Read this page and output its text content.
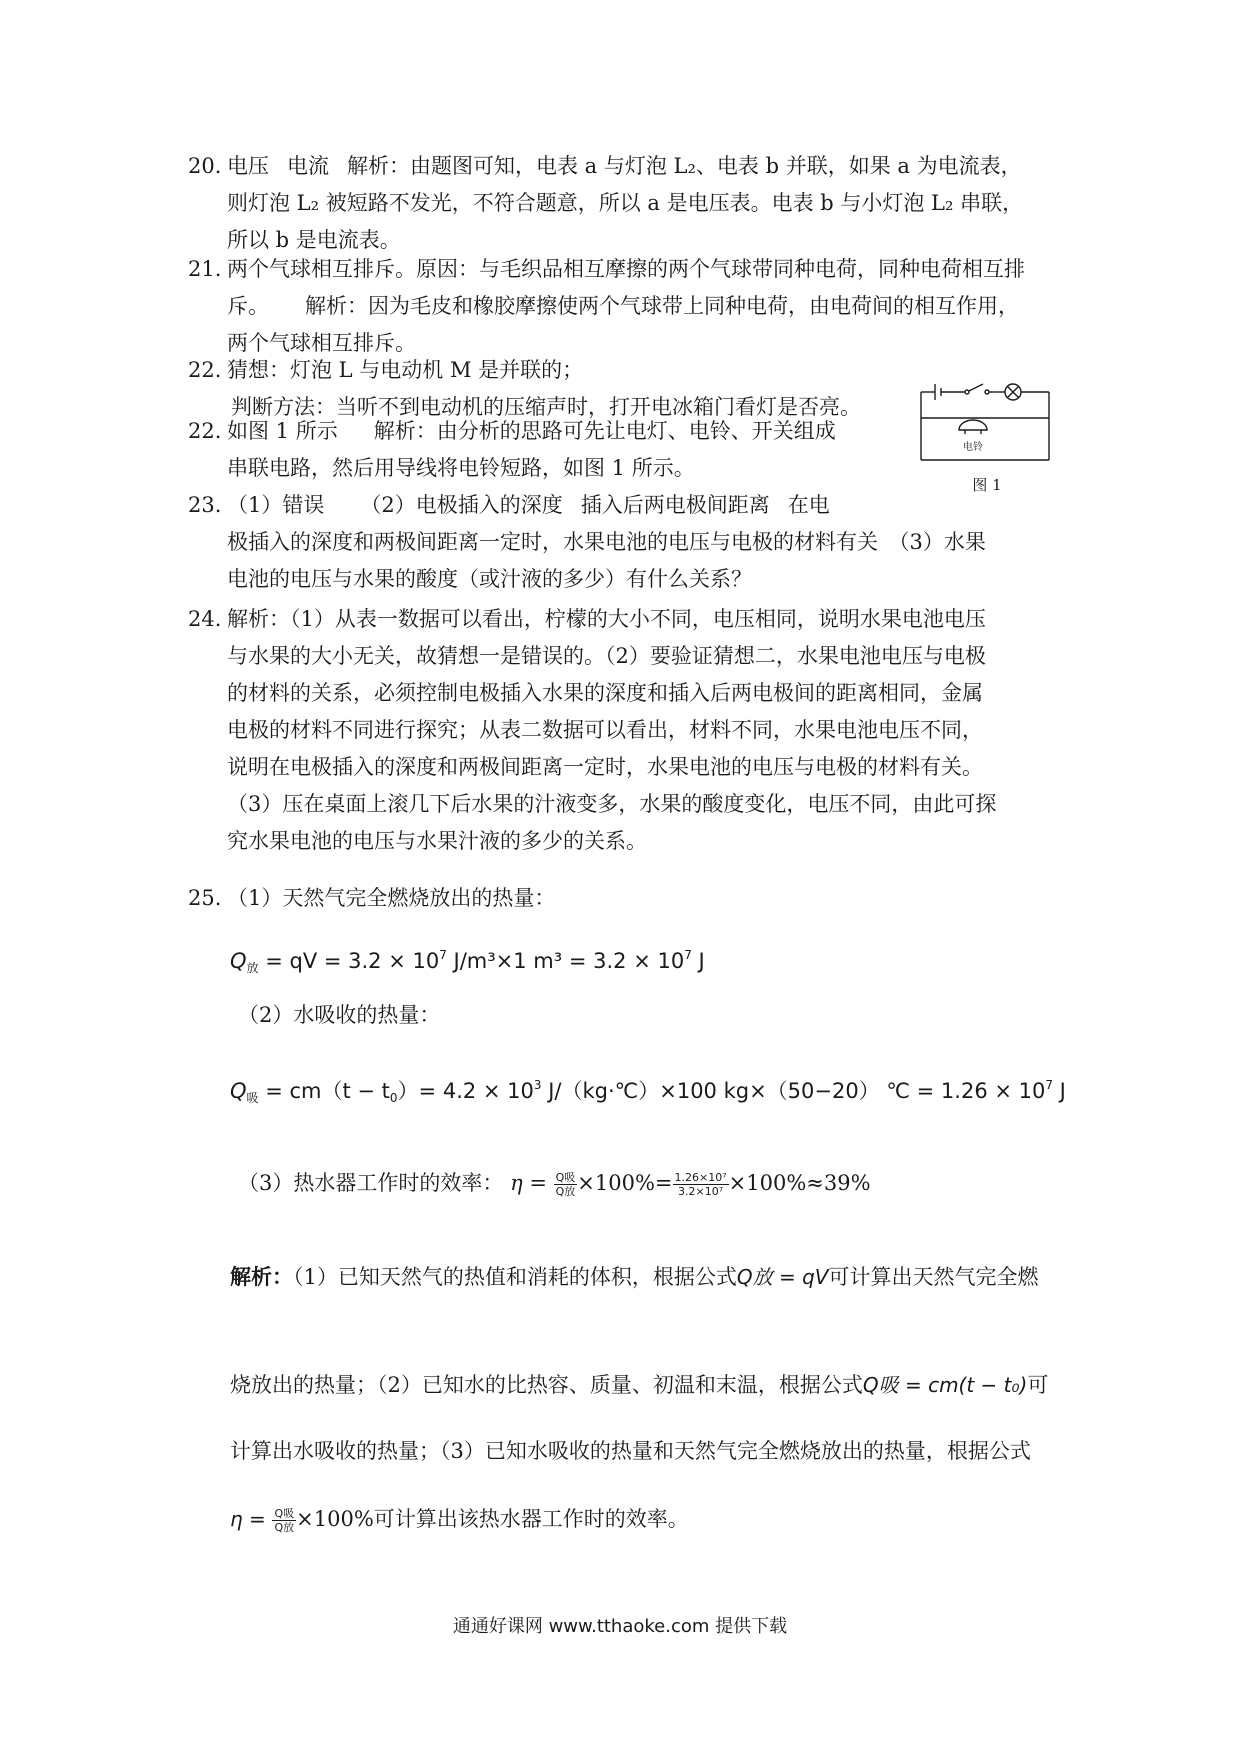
20. 电压 电流 解析：由题图可知，电表 a 与灯泡 L₂、电表 b 并联，如果 a 为电流表，
则灯泡 L₂ 被短路不发光，不符合题意，所以 a 是电压表。电表 b 与小灯泡 L₂ 串联，
所以 b 是电流表。
21. 两个气球相互排斥。原因：与毛织品相互摩擦的两个气球带同种电荷，同种电荷相互排
斥。 解析：因为毛皮和橡胶摩擦使两个气球带上同种电荷，由电荷间的相互作用，
两个气球相互排斥。
22. 猜想：灯泡 L 与电动机 M 是并联的；
判断方法：当听不到电动机的压缩声时，打开电冰箱门看灯是否亮。
22. 如图 1 所示 解析：由分析的思路可先让电灯、电铃、开关组成
串联电路，然后用导线将电铃短路，如图 1 所示。
电铃
图 1
23. （1）错误 （2）电极插入的深度 插入后两电极间距离 在电
极插入的深度和两极间距离一定时，水果电池的电压与电极的材料有关　（3）水果
电池的电压与水果的酸度（或汁液的多少）有什么关系？
24. 解析：（1）从表一数据可以看出，柠檬的大小不同，电压相同，说明水果电池电压
与水果的大小无关，故猜想一是错误的。（2）要验证猜想二，水果电池电压与电极
的材料的关系，必须控制电极插入水果的深度和插入后两电极间的距离相同，金属
电极的材料不同进行探究；从表二数据可以看出，材料不同，水果电池电压不同，
说明在电极插入的深度和两极间距离一定时，水果电池的电压与电极的材料有关。
（3）压在桌面上滚几下后水果的汁液变多，水果的酸度变化，电压不同，由此可探
究水果电池的电压与水果汁液的多少的关系。
25. （1）天然气完全燃烧放出的热量：
$Q_放$ = qV = $3.2 \times 10^7$ J/m³×1 $m^3 = 3.2 \times 10^7$ J
（2）水吸收的热量：
$Q_吸 = cm(t - t_0)= 4.2 \times 10^3$ J/（kg·℃）×100 kg×（50−20） ℃ = $1.26 \times 10^7$ J
（3）热水器工作时的效率： $\eta = \frac{\text{Q吸}}{\text{Q放}} \times 100\%= \frac{\text{1.26×10⁷}}{\text{3.2×10⁷}} \times 100\%\approx 39\%$
解析：（1）已知天然气的热值和消耗的体积，根据公式Q放 = qV可计算出天然气完全燃
烧放出的热量；（2）已知水的比热容、质量、初温和末温，根据公式Q吸 = cm(t − t₀)可
计算出水吸收的热量；（3）已知水吸收的热量和天然气完全燃烧放出的热量，根据公式
$\eta = \frac{\text{Q吸}}{\text{Q放}} \times 100\%$可计算出该热水器工作时的效率。
通通好课网 www.tthaoke.com 提供下载
